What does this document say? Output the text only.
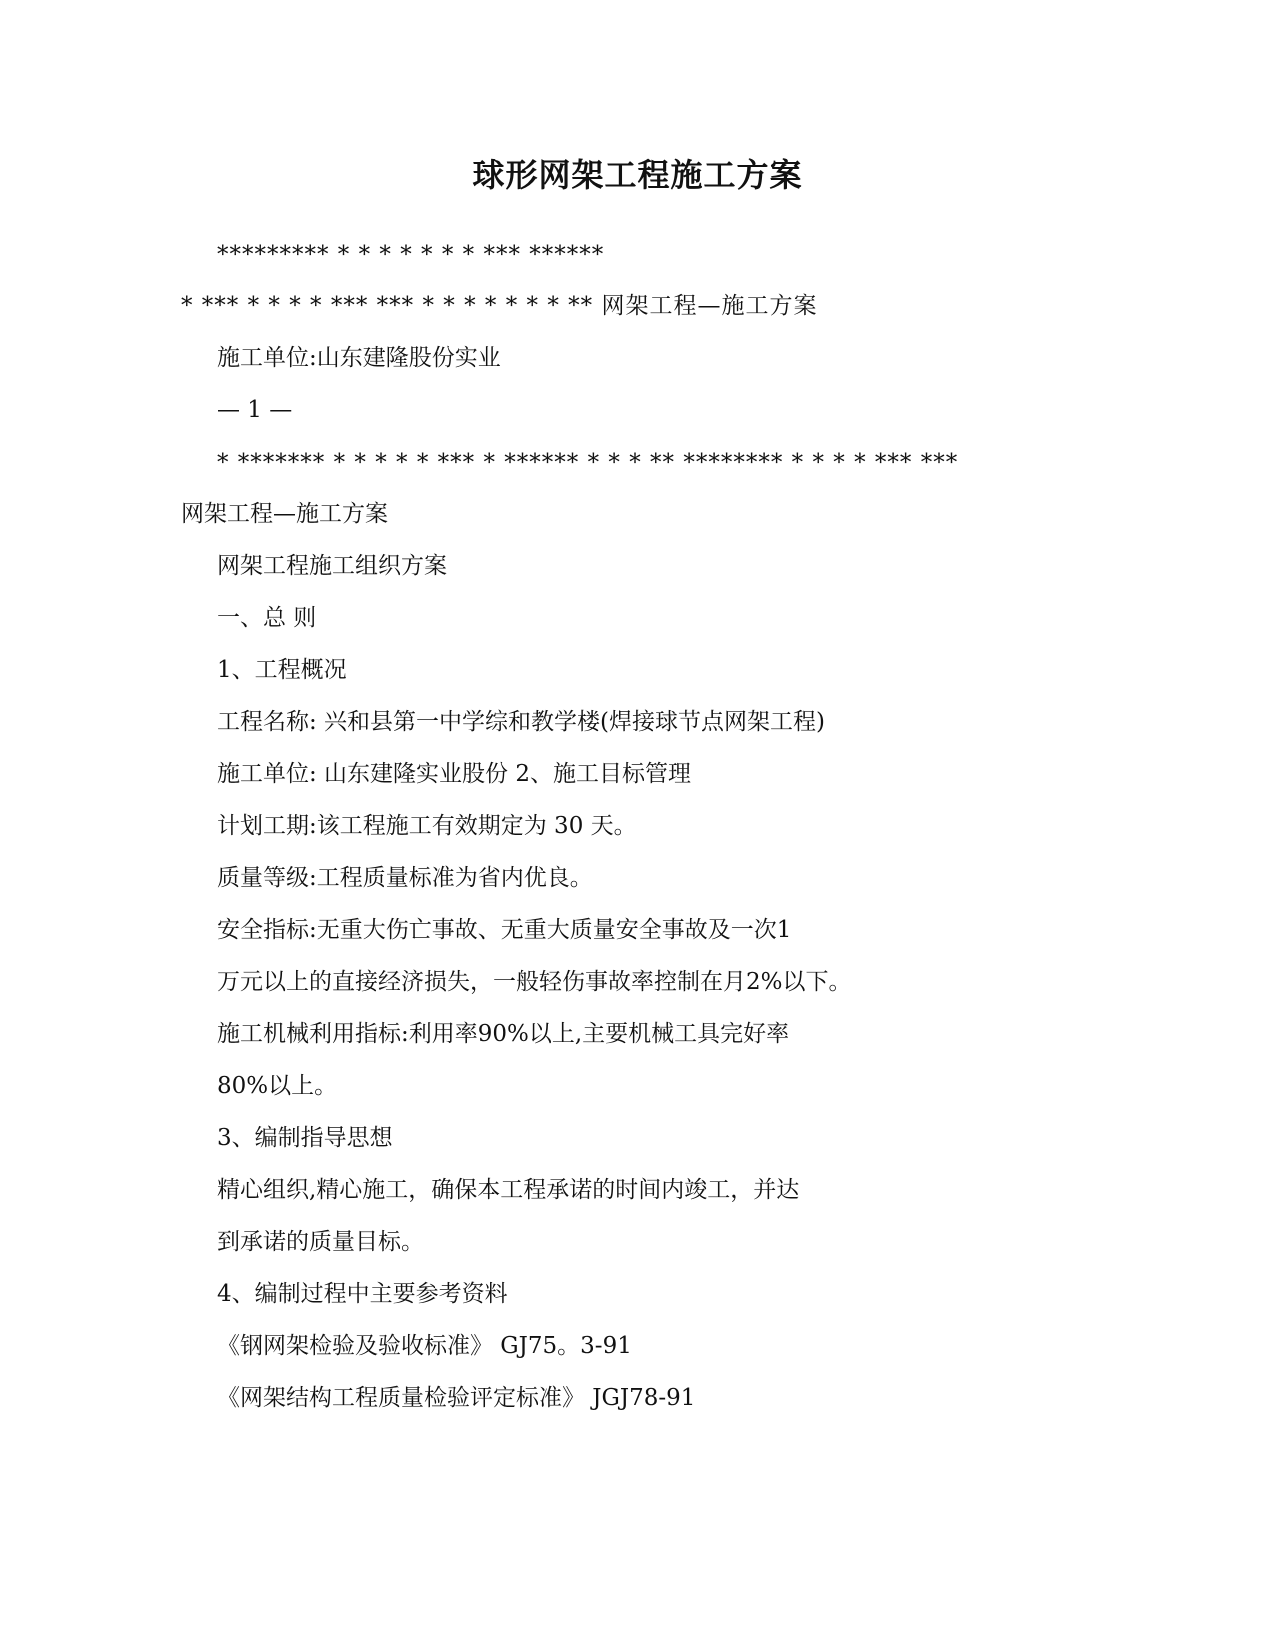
球形网架工程施工方案
********* * * * * * * * *** ******
* *** * * * * *** *** * * * * * * * ** 网架工程—施工方案
施工单位:山东建隆股份实业
— 1 —
* ******* * * * * * *** * ****** * * * ** ******** * * * * *** ***
网架工程—施工方案
网架工程施工组织方案
一、总 则
1、工程概况
工程名称: 兴和县第一中学综和教学楼(焊接球节点网架工程)
施工单位: 山东建隆实业股份 2、施工目标管理
计划工期:该工程施工有效期定为 30 天。
质量等级:工程质量标准为省内优良。
安全指标:无重大伤亡事故、无重大质量安全事故及一次1
万元以上的直接经济损失，一般轻伤事故率控制在月2%以下。
施工机械利用指标:利用率90%以上,主要机械工具完好率
80%以上。
3、编制指导思想
精心组织,精心施工，确保本工程承诺的时间内竣工，并达
到承诺的质量目标。
4、编制过程中主要参考资料
《钢网架检验及验收标准》 GJ75。3-91
《网架结构工程质量检验评定标准》 JGJ78-91
